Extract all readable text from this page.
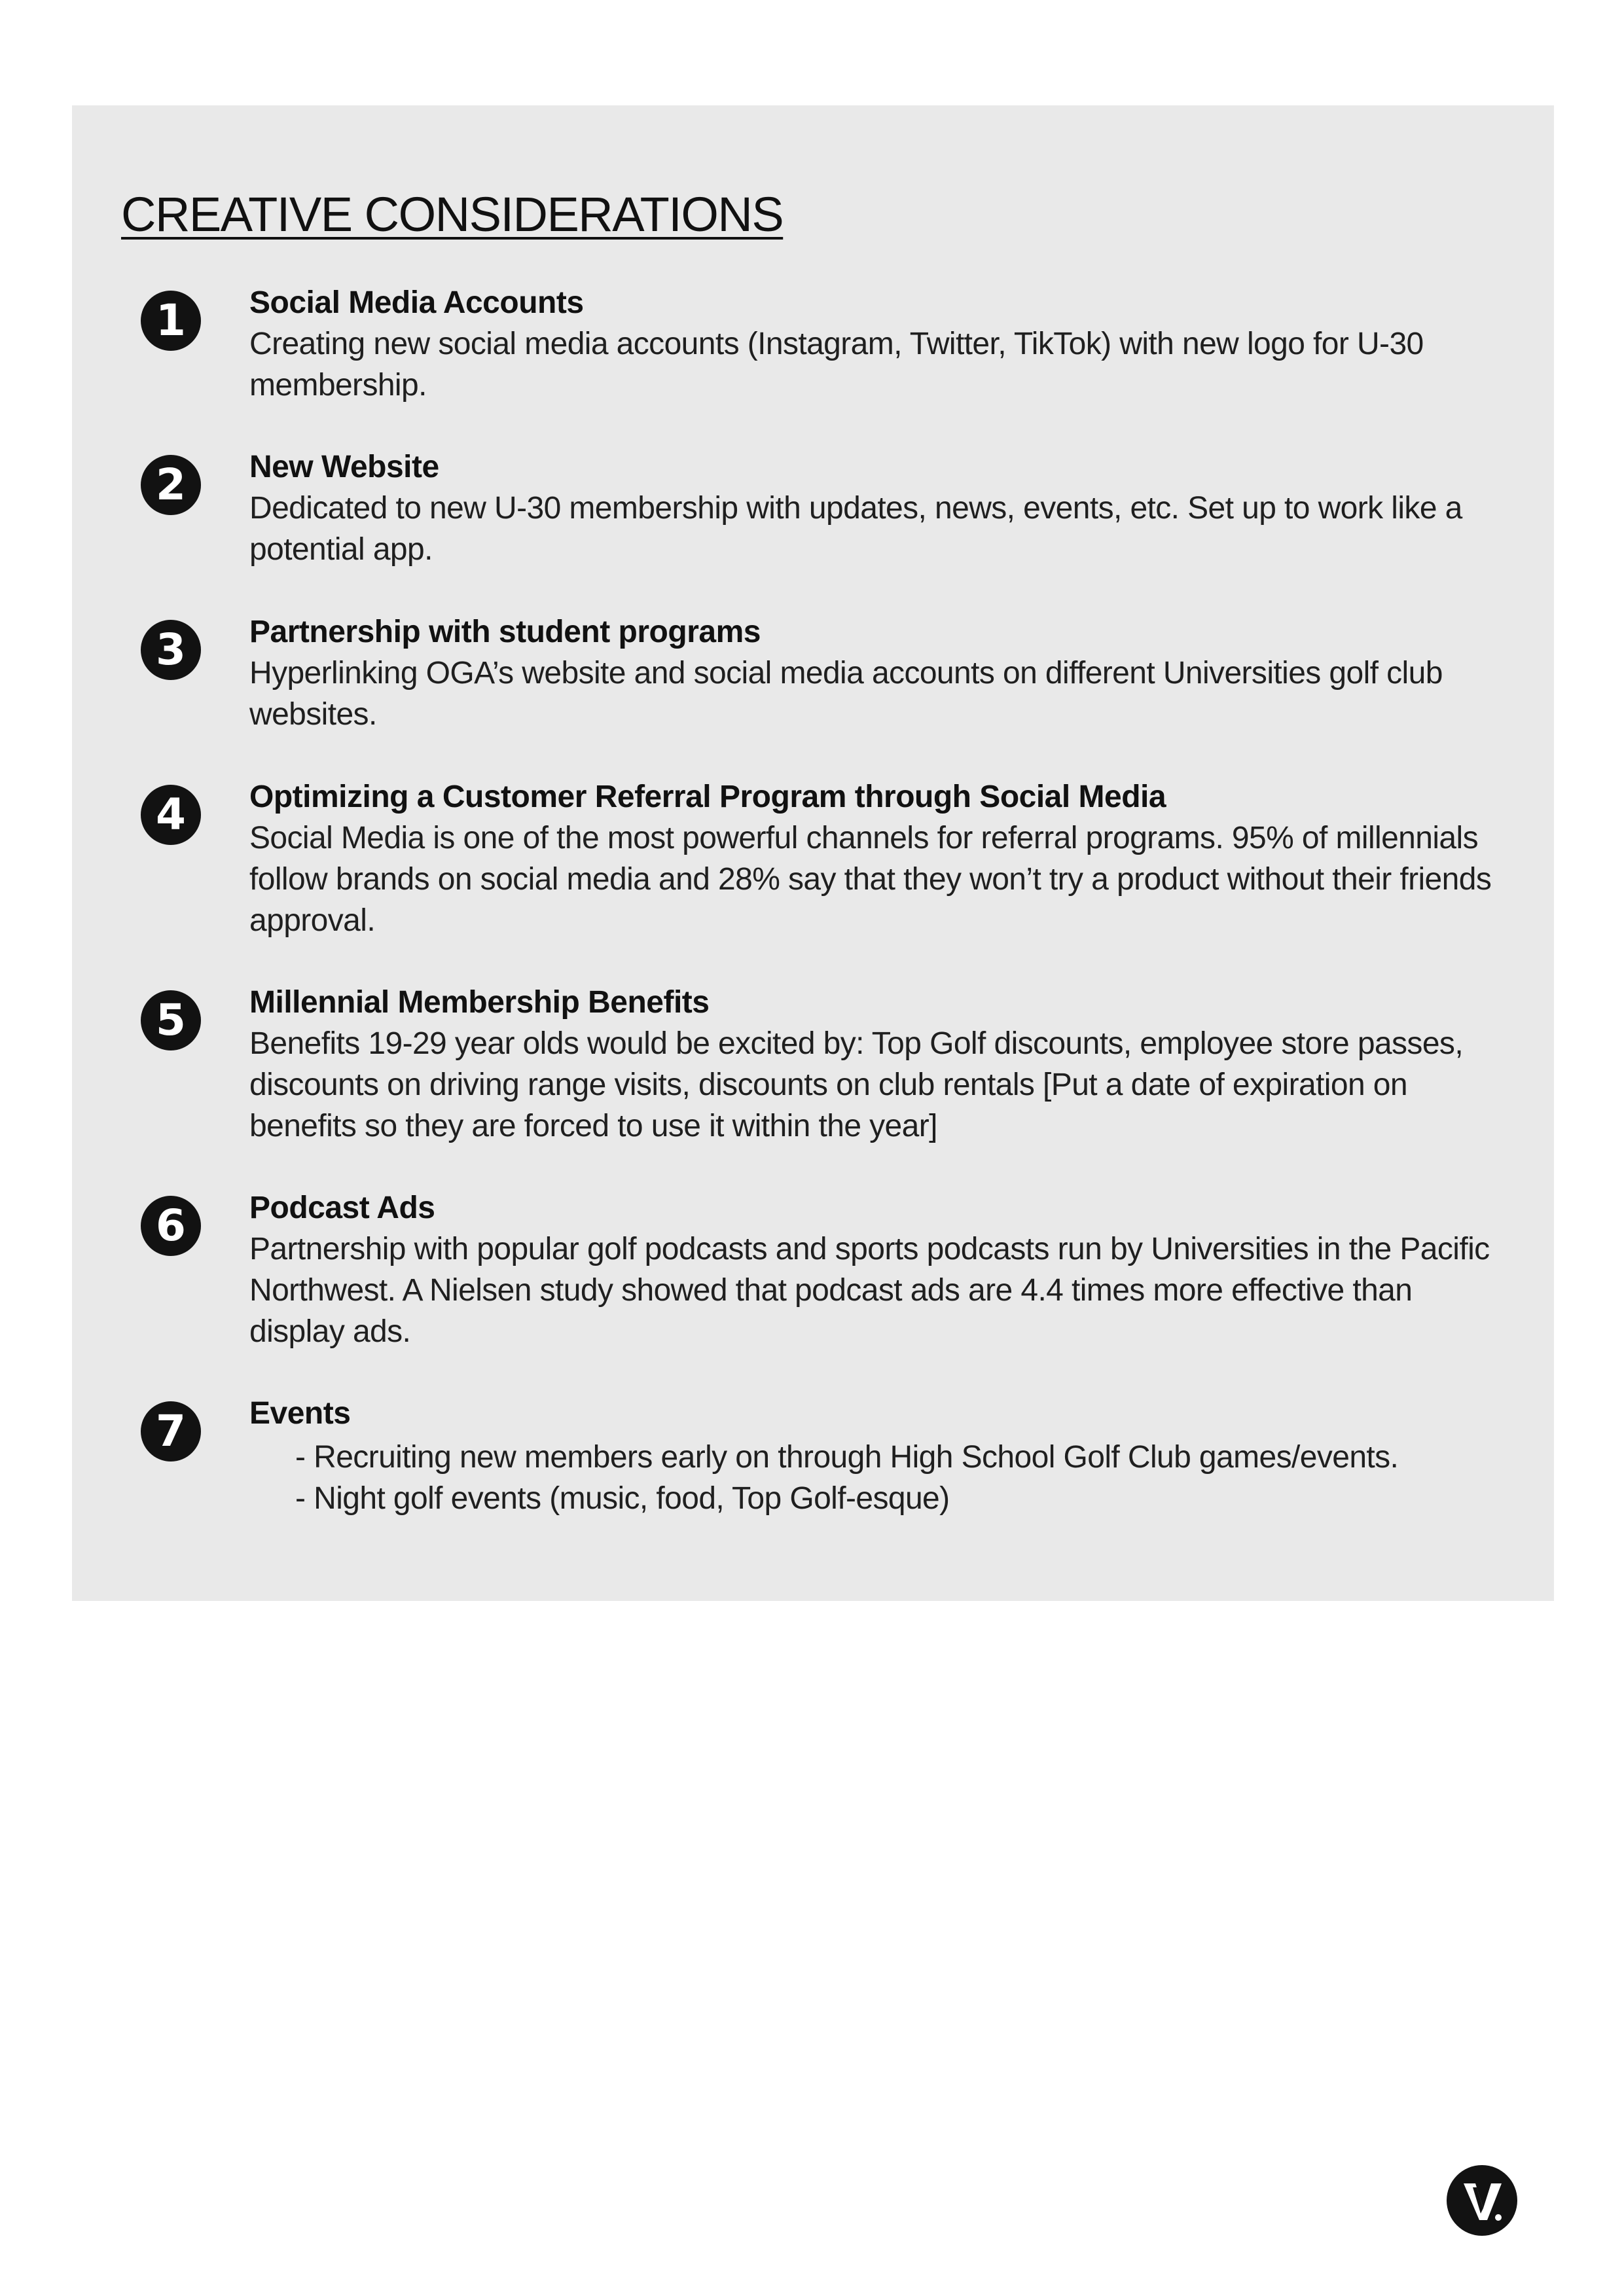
CREATIVE CONSIDERATIONS
1	Social Media Accounts
Creating new social media accounts (Instagram, Twitter, TikTok) with new logo for U-30 membership.
2	New Website
Dedicated to new U-30 membership with updates, news, events, etc. Set up to work like a potential app.
3	Partnership with student programs
Hyperlinking OGA’s website and social media accounts on different Universities golf club websites.
4	Optimizing a Customer Referral Program through Social Media
Social Media is one of the most powerful channels for referral programs. 95% of millennials follow brands on social media and 28% say that they won’t try a product without their friends approval.
5	Millennial Membership Benefits
Benefits 19-29 year olds would be excited by: Top Golf discounts, employee store passes, discounts on driving range visits, discounts on club rentals [Put a date of expiration on benefits so they are forced to use it within the year]
6	Podcast Ads
Partnership with popular golf podcasts and sports podcasts run by Universities in the Pacific Northwest. A Nielsen study showed that podcast ads are 4.4 times more effective than display ads.
7	Events
- Recruiting new members early on through High School Golf Club games/events.
- Night golf events (music, food, Top Golf-esque)
